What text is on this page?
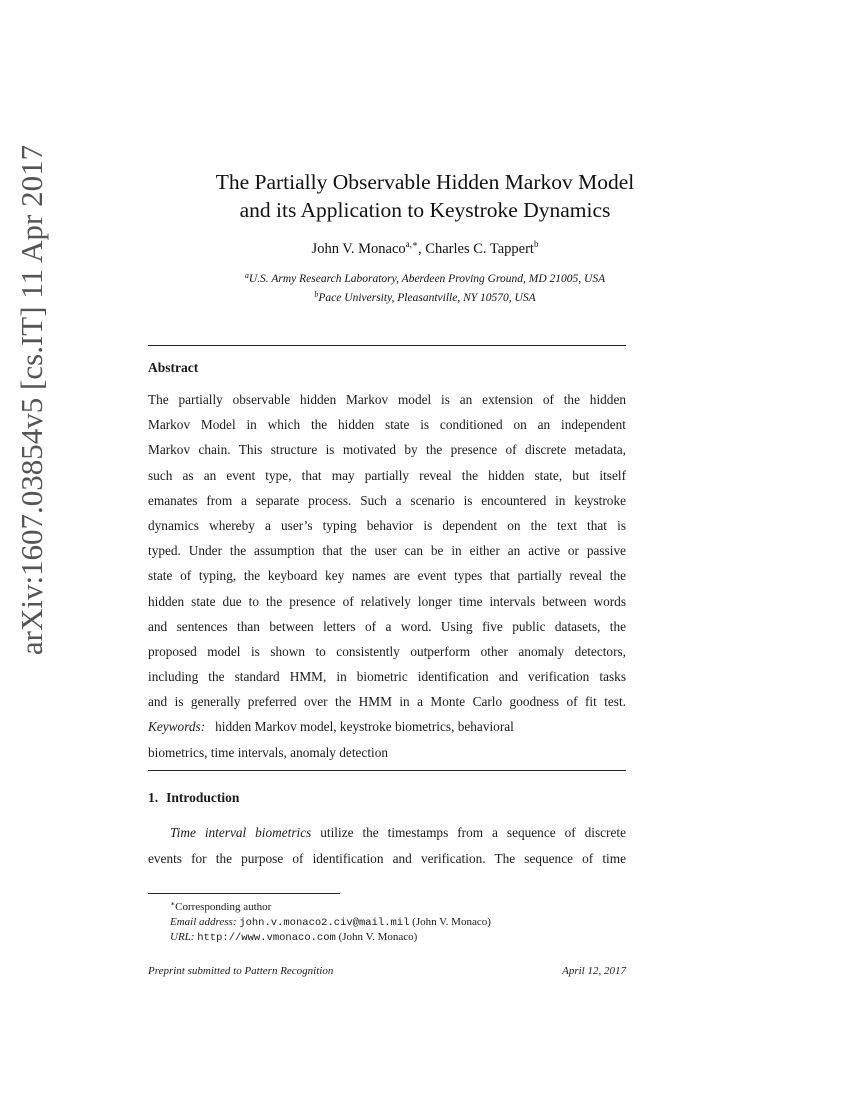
arXiv:1607.03854v5 [cs.IT] 11 Apr 2017	The Partially Observable Hidden Markov Model
and its Application to Keystroke Dynamics
John V. Monaco$^{a,∗}$, Charles C. Tappert$^b$
$^a$U.S. Army Research Laboratory, Aberdeen Proving Ground, MD 21005, USA
$^b$Pace University, Pleasantville, NY 10570, USA
Abstract
The partially observable hidden Markov model is an extension of the hidden
Markov Model in which the hidden state is conditioned on an independent
Markov chain. This structure is motivated by the presence of discrete metadata,
such as an event type, that may partially reveal the hidden state, but itself
emanates from a separate process. Such a scenario is encountered in keystroke
dynamics whereby a user’s typing behavior is dependent on the text that is
typed. Under the assumption that the user can be in either an active or passive
state of typing, the keyboard key names are event types that partially reveal the
hidden state due to the presence of relatively longer time intervals between words
and sentences than between letters of a word. Using five public datasets, the
proposed model is shown to consistently outperform other anomaly detectors,
including the standard HMM, in biometric identification and verification tasks
and is generally preferred over the HMM in a Monte Carlo goodness of fit test.
Keywords: hidden Markov model, keystroke biometrics, behavioral
biometrics, time intervals, anomaly detection
1. Introduction
Time interval biometrics utilize the timestamps from a sequence of discrete
events for the purpose of identification and verification. The sequence of time
∗Corresponding author
Email address: john.v.monaco2.civ@mail.mil (John V. Monaco)
URL: http://www.vmonaco.com (John V. Monaco)
Preprint submitted to Pattern Recognition	April 12, 2017
